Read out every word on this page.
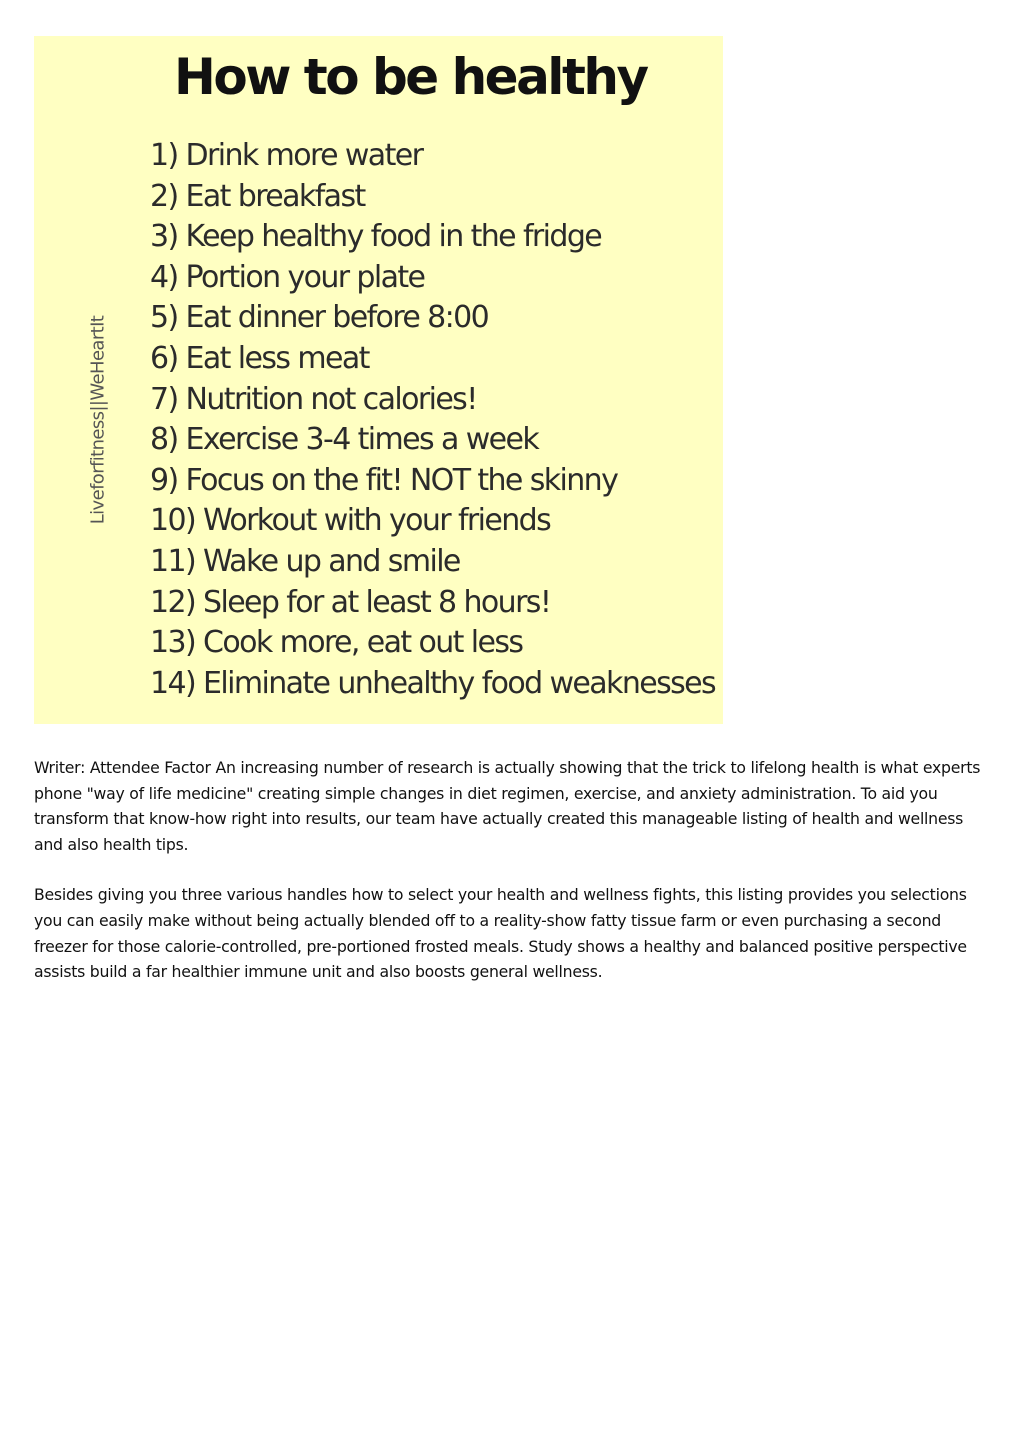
How to be healthy
Liveforfitness||WeHeartIt
1) Drink more water
2) Eat breakfast
3) Keep healthy food in the fridge
4) Portion your plate
5) Eat dinner before 8:00
6) Eat less meat
7) Nutrition not calories!
8) Exercise 3-4 times a week
9) Focus on the fit! NOT the skinny
10) Workout with your friends
11) Wake up and smile
12) Sleep for at least 8 hours!
13) Cook more, eat out less
14) Eliminate unhealthy food weaknesses

Writer: Attendee Factor An increasing number of research is actually showing that the trick to lifelong health is what experts phone "way of life medicine" creating simple changes in diet regimen, exercise, and anxiety administration. To aid you transform that know-how right into results, our team have actually created this manageable listing of health and wellness and also health tips.

Besides giving you three various handles how to select your health and wellness fights, this listing provides you selections you can easily make without being actually blended off to a reality-show fatty tissue farm or even purchasing a second freezer for those calorie-controlled, pre-portioned frosted meals. Study shows a healthy and balanced positive perspective assists build a far healthier immune unit and also boosts general wellness.
